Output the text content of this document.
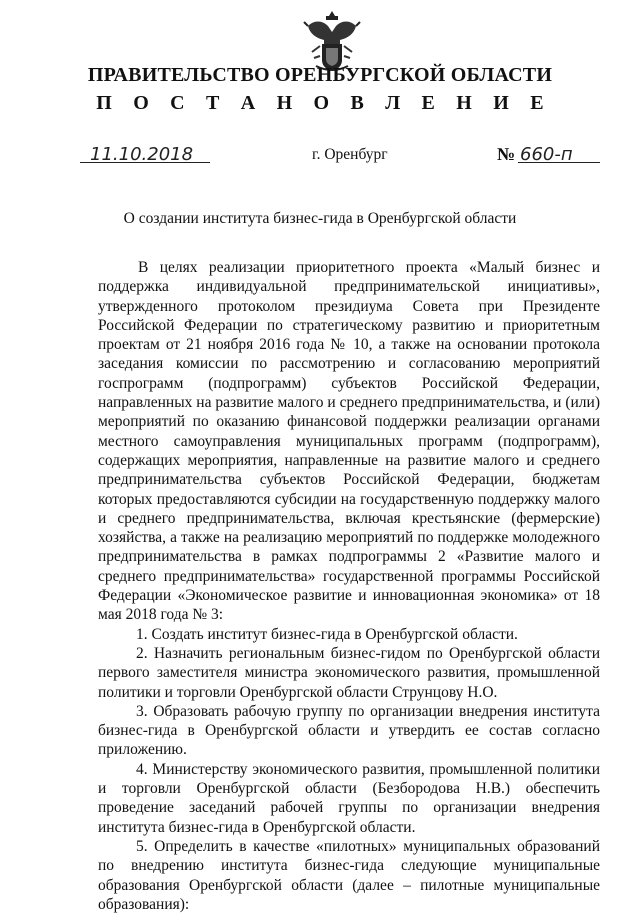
ПРАВИТЕЛЬСТВО ОРЕНБУРГСКОЙ ОБЛАСТИ
П О С Т А Н О В Л Е Н И Е
11.10.2018	г. Оренбург	№ 660-п
О создании института бизнес-гида в Оренбургской области

В целях реализации приоритетного проекта «Малый бизнес и поддержка индивидуальной предпринимательской инициативы», утвержденного протоколом президиума Совета при Президенте Российской Федерации по стратегическому развитию и приоритетным проектам от 21 ноября 2016 года № 10, а также на основании протокола заседания комиссии по рассмотрению и согласованию мероприятий госпрограмм (подпрограмм) субъектов Российской Федерации, направленных на развитие малого и среднего предпринимательства, и (или) мероприятий по оказанию финансовой поддержки реализации органами местного самоуправления муниципальных программ (подпрограмм), содержащих мероприятия, направленные на развитие малого и среднего предпринимательства субъектов Российской Федерации, бюджетам которых предоставляются субсидии на государственную поддержку малого и среднего предпринимательства, включая крестьянские (фермерские) хозяйства, а также на реализацию мероприятий по поддержке молодежного предпринимательства в рамках подпрограммы 2 «Развитие малого и среднего предпринимательства» государственной программы Российской Федерации «Экономическое развитие и инновационная экономика» от 18 мая 2018 года № 3:

1. Создать институт бизнес-гида в Оренбургской области.

2. Назначить региональным бизнес-гидом по Оренбургской области первого заместителя министра экономического развития, промышленной политики и торговли Оренбургской области Струнцову Н.О.

3. Образовать рабочую группу по организации внедрения института бизнес-гида в Оренбургской области и утвердить ее состав согласно приложению.

4. Министерству экономического развития, промышленной политики и торговли Оренбургской области (Безбородова Н.В.) обеспечить проведение заседаний рабочей группы по организации внедрения института бизнес-гида в Оренбургской области.

5. Определить в качестве «пилотных» муниципальных образований по внедрению института бизнес-гида следующие муниципальные образования Оренбургской области (далее – пилотные муниципальные образования):
